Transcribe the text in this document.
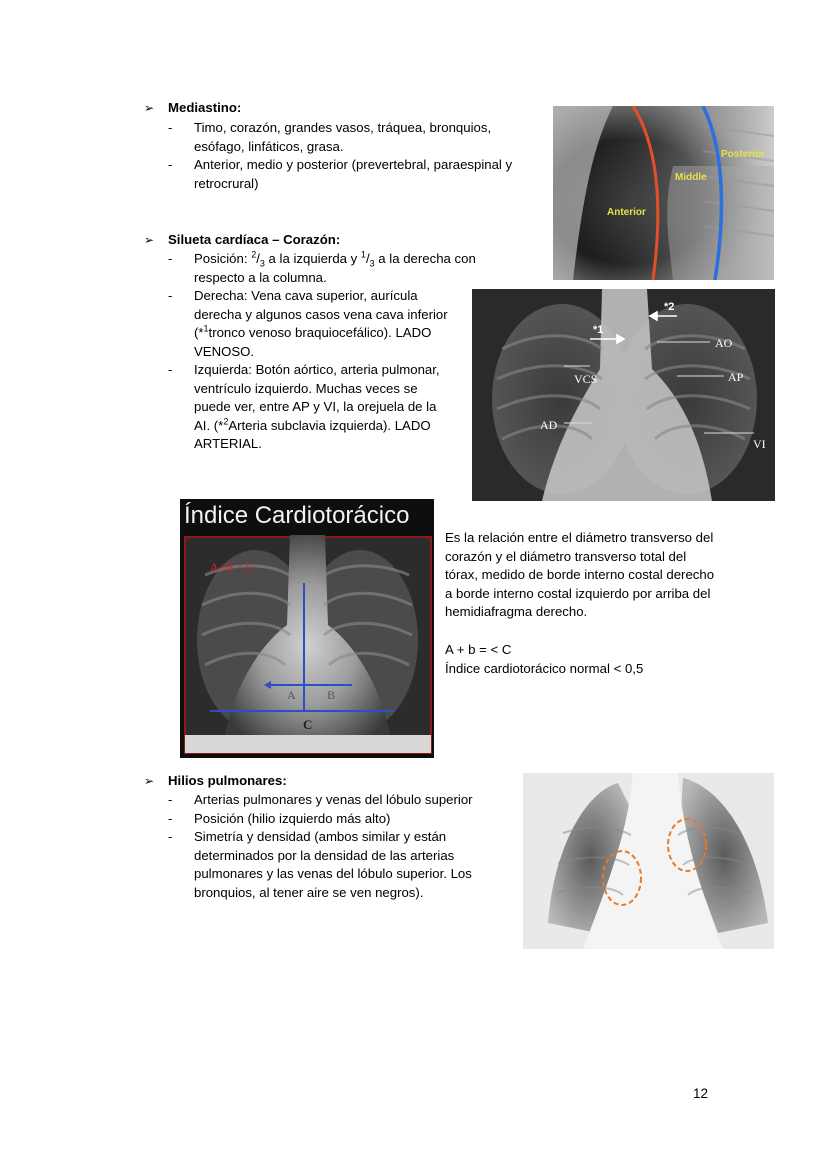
➢	Mediastino:
- Timo, corazón, grandes vasos, tráquea, bronquios, esófago, linfáticos, grasa.
- Anterior, medio y posterior (prevertebral, paraespinal y retrocrural)
Anterior
Middle
Posterior
➢	Silueta cardíaca – Corazón:
- Posición: $^2/_3$ a la izquierda y $^1/_3$ a la derecha con respecto a la columna.
- Derecha: Vena cava superior, aurícula derecha y algunos casos vena cava inferior (*$^1$tronco venoso braquiocefálico). LADO VENOSO.
- Izquierda: Botón aórtico, arteria pulmonar, ventrículo izquierdo. Muchas veces se puede ver, entre AP y VI, la orejuela de la AI. (*$^2$Arteria subclavia izquierda). LADO ARTERIAL.
*1
*2
AO
VCS	AP
AD
VI
Índice Cardiotorácico
A+B < C
A	B
C
Es la relación entre el diámetro transverso del corazón y el diámetro transverso total del tórax, medido de borde interno costal derecho a borde interno costal izquierdo por arriba del hemidiafragma derecho.
A + b = < C
Índice cardiotorácico normal < 0,5
➢	Hilios pulmonares:
- Arterias pulmonares y venas del lóbulo superior
- Posición (hilio izquierdo más alto)
- Simetría y densidad (ambos similar y están determinados por la densidad de las arterias pulmonares y las venas del lóbulo superior. Los bronquios, al tener aire se ven negros).
12
